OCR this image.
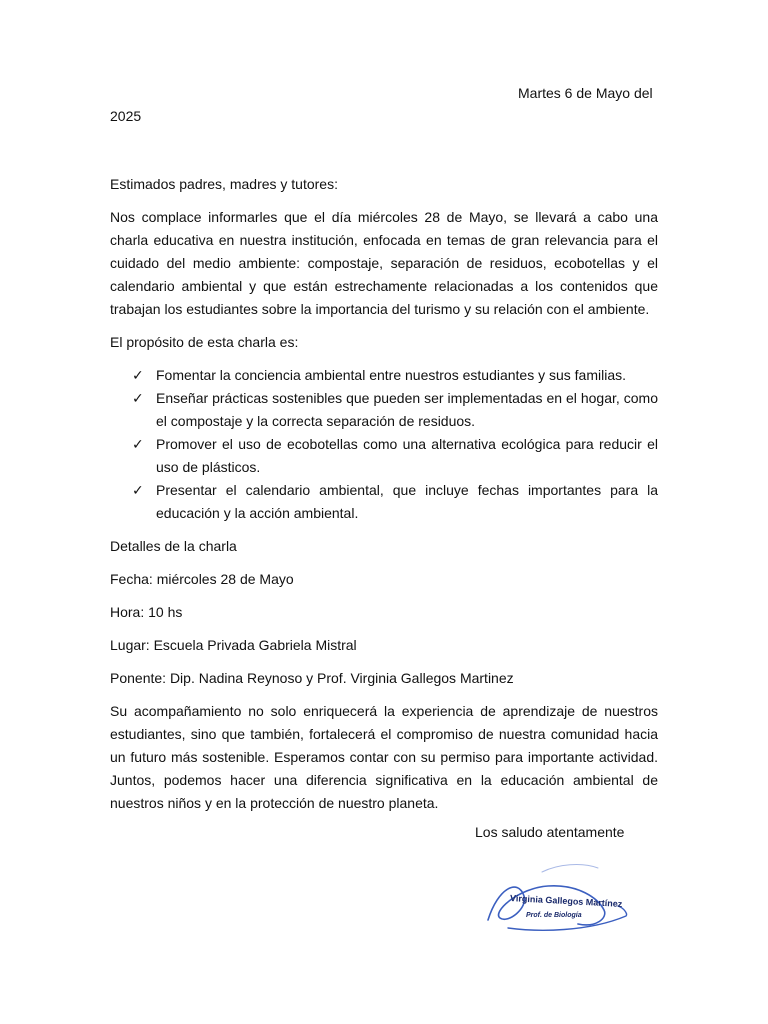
Martes 6 de Mayo del
2025

Estimados padres, madres y tutores:

Nos complace informarles que el día miércoles 28 de Mayo, se llevará a cabo una charla educativa en nuestra institución, enfocada en temas de gran relevancia para el cuidado del medio ambiente: compostaje, separación de residuos, ecobotellas y el calendario ambiental y que están estrechamente relacionadas a los contenidos que trabajan los estudiantes sobre la importancia del turismo y su relación con el ambiente.

El propósito de esta charla es:

✓ Fomentar la conciencia ambiental entre nuestros estudiantes y sus familias.
✓ Enseñar prácticas sostenibles que pueden ser implementadas en el hogar, como el compostaje y la correcta separación de residuos.
✓ Promover el uso de ecobotellas como una alternativa ecológica para reducir el uso de plásticos.
✓ Presentar el calendario ambiental, que incluye fechas importantes para la educación y la acción ambiental.

Detalles de la charla

Fecha: miércoles 28 de Mayo

Hora: 10 hs

Lugar: Escuela Privada Gabriela Mistral

Ponente: Dip. Nadina Reynoso y Prof. Virginia Gallegos Martinez

Su acompañamiento no solo enriquecerá la experiencia de aprendizaje de nuestros estudiantes, sino que también, fortalecerá el compromiso de nuestra comunidad hacia un futuro más sostenible. Esperamos contar con su permiso para importante actividad. Juntos, podemos hacer una diferencia significativa en la educación ambiental de nuestros niños y en la protección de nuestro planeta.

Los saludo atentamente
Virginia Gallegos Martínez
Prof. de Biología
